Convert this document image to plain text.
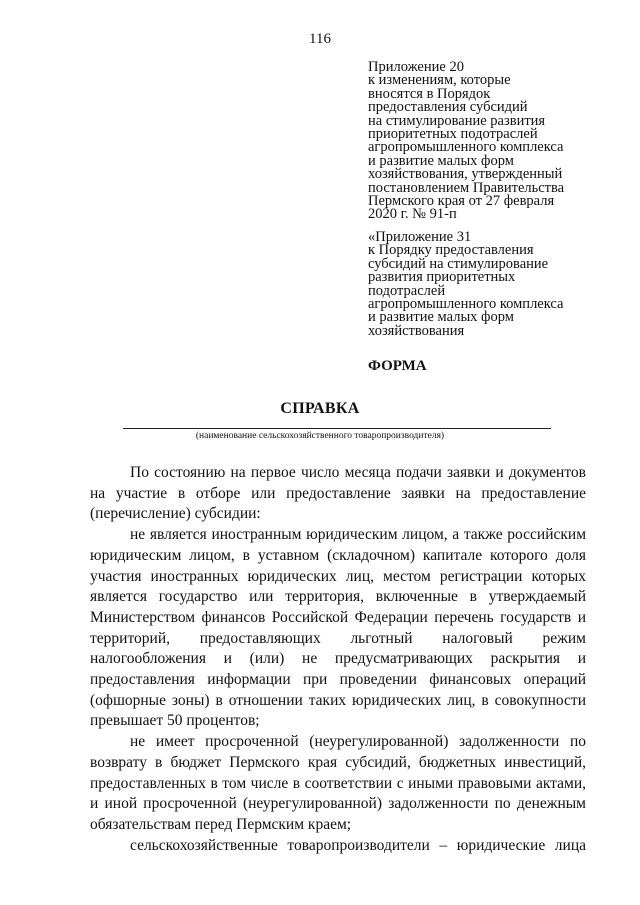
116
Приложение 20
к изменениям, которые
вносятся в Порядок
предоставления субсидий
на стимулирование развития
приоритетных подотраслей
агропромышленного комплекса
и развитие малых форм
хозяйствования, утвержденный
постановлением Правительства
Пермского края от 27 февраля
2020 г. № 91-п
«Приложение 31
к Порядку предоставления
субсидий на стимулирование
развития приоритетных
подотраслей
агропромышленного комплекса
и развитие малых форм
хозяйствования
ФОРМА
СПРАВКА
(наименование сельскохозяйственного товаропроизводителя)

По состоянию на первое число месяца подачи заявки и документов на участие в отборе или предоставление заявки на предоставление (перечисление) субсидии:

не является иностранным юридическим лицом, а также российским юридическим лицом, в уставном (складочном) капитале которого доля участия иностранных юридических лиц, местом регистрации которых является государство или территория, включенные в утверждаемый Министерством финансов Российской Федерации перечень государств и территорий, предоставляющих льготный налоговый режим налогообложения и (или) не предусматривающих раскрытия и предоставления информации при проведении финансовых операций (офшорные зоны) в отношении таких юридических лиц, в совокупности превышает 50 процентов;

не имеет просроченной (неурегулированной) задолженности по возврату в бюджет Пермского края субсидий, бюджетных инвестиций, предоставленных в том числе в соответствии с иными правовыми актами, и иной просроченной (неурегулированной) задолженности по денежным обязательствам перед Пермским краем;

сельскохозяйственные товаропроизводители – юридические лица
